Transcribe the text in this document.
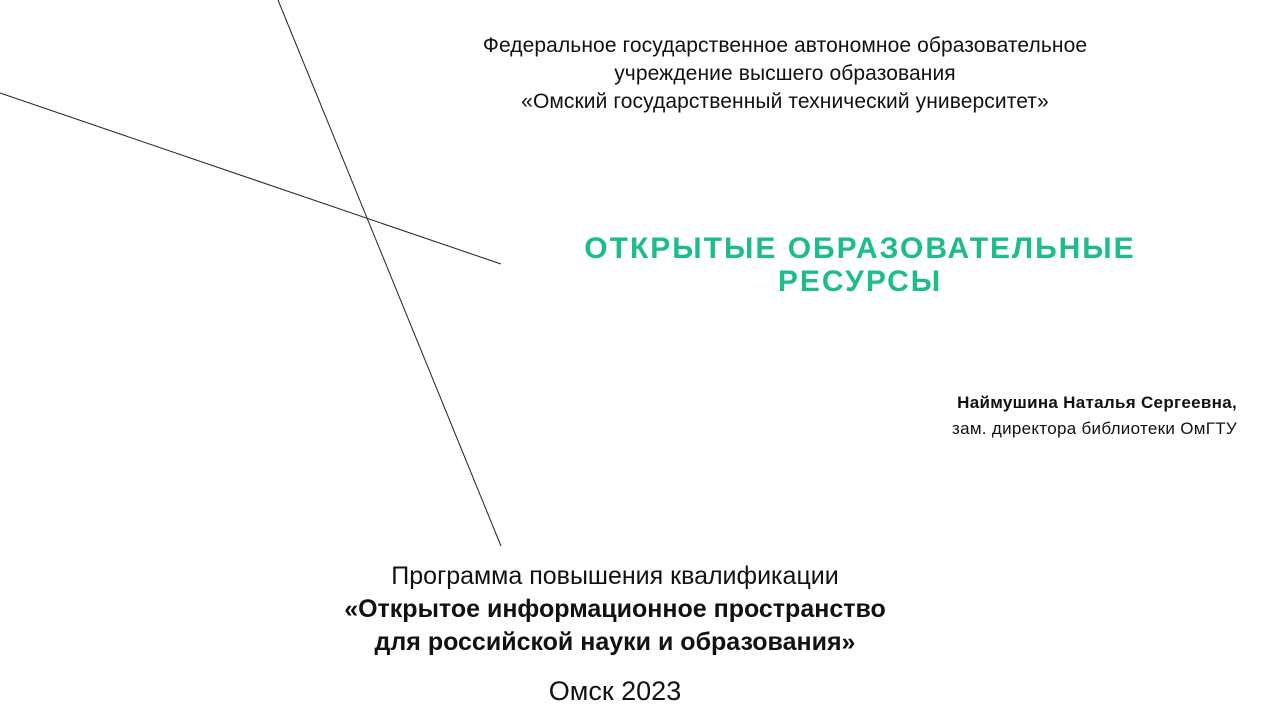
Федеральное государственное автономное образовательное
учреждение высшего образования
«Омский государственный технический университет»
ОТКРЫТЫЕ ОБРАЗОВАТЕЛЬНЫЕ
РЕСУРСЫ
Наймушина Наталья Сергеевна,
зам. директора библиотеки ОмГТУ
Программа повышения квалификации
«Открытое информационное пространство
для российской науки и образования»
Омск 2023
